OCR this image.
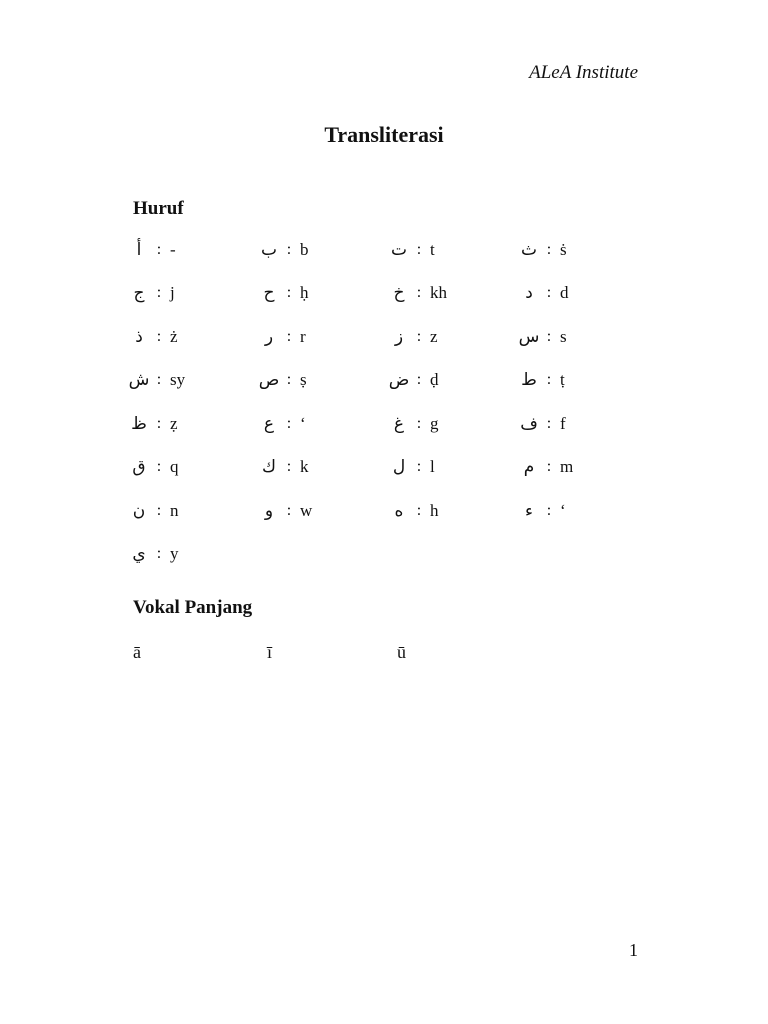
ALeA Institute
Transliterasi
Huruf
أ : -	ب : b	ت : t	ث : ṡ
ج : j	ح : ḥ	خ : kh	د : d
ذ : ż	ر : r	ز : z	س : s
ش : sy	ص : ṣ	ض : ḍ	ط : ṭ
ظ : ẓ	ع : ‘	غ : g	ف : f
ق : q	ك : k	ل : l	م : m
ن : n	و : w	ه : h	ء : ‘
ي : y
Vokal Panjang
ā	ī	ū
1
